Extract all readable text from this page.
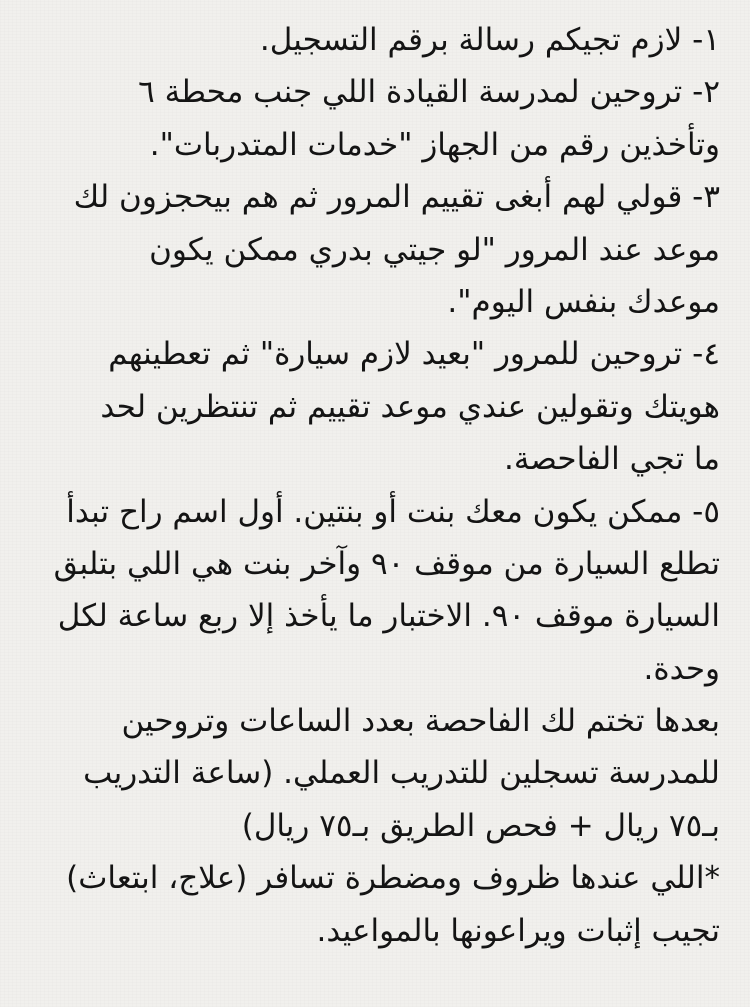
١- لازم تجيكم رسالة برقم التسجيل.
٢- تروحين لمدرسة القيادة اللي جنب محطة ٦
وتأخذين رقم من الجهاز "خدمات المتدربات".
٣- قولي لهم أبغى تقييم المرور ثم هم بيحجزون لك
موعد عند المرور "لو جيتي بدري ممكن يكون
موعدك بنفس اليوم".
٤- تروحين للمرور "بعيد لازم سيارة" ثم تعطينهم
هويتك وتقولين عندي موعد تقييم ثم تنتظرين لحد
ما تجي الفاحصة.
٥- ممكن يكون معك بنت أو بنتين. أول اسم راح تبدأ
تطلع السيارة من موقف ٩٠ وآخر بنت هي اللي بتلبق
السيارة موقف ٩٠. الاختبار ما يأخذ إلا ربع ساعة لكل
وحدة.
بعدها تختم لك الفاحصة بعدد الساعات وتروحين
للمدرسة تسجلين للتدريب العملي. (ساعة التدريب
بـ٧٥ ريال + فحص الطريق بـ٧٥ ريال)
*اللي عندها ظروف ومضطرة تسافر (علاج، ابتعاث)
تجيب إثبات ويراعونها بالمواعيد.
